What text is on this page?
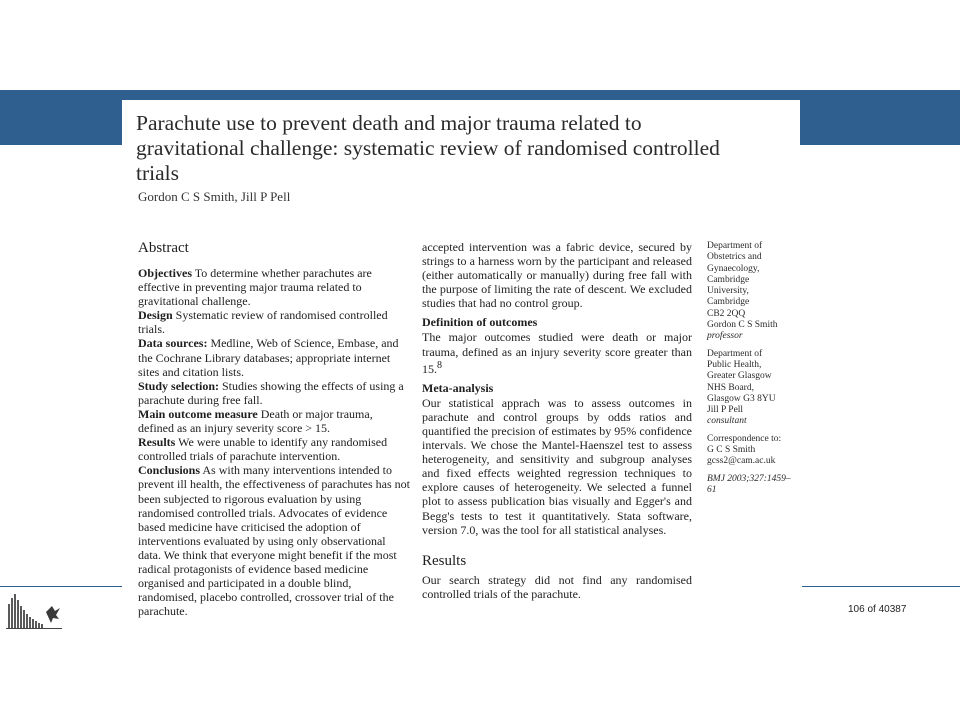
Parachute use to prevent death and major trauma related to gravitational challenge: systematic review of randomised controlled trials

Gordon C S Smith, Jill P Pell

Abstract

Objectives To determine whether parachutes are effective in preventing major trauma related to gravitational challenge.

Design Systematic review of randomised controlled trials.

Data sources: Medline, Web of Science, Embase, and the Cochrane Library databases; appropriate internet sites and citation lists.

Study selection: Studies showing the effects of using a parachute during free fall.

Main outcome measure Death or major trauma, defined as an injury severity score > 15.

Results We were unable to identify any randomised controlled trials of parachute intervention.

Conclusions As with many interventions intended to prevent ill health, the effectiveness of parachutes has not been subjected to rigorous evaluation by using randomised controlled trials. Advocates of evidence based medicine have criticised the adoption of interventions evaluated by using only observational data. We think that everyone might benefit if the most radical protagonists of evidence based medicine organised and participated in a double blind, randomised, placebo controlled, crossover trial of the parachute.

accepted intervention was a fabric device, secured by strings to a harness worn by the participant and released (either automatically or manually) during free fall with the purpose of limiting the rate of descent. We excluded studies that had no control group.

Definition of outcomes

The major outcomes studied were death or major trauma, defined as an injury severity score greater than 15.$^8$

Meta-analysis

Our statistical apprach was to assess outcomes in parachute and control groups by odds ratios and quantified the precision of estimates by 95% confidence intervals. We chose the Mantel-Haenszel test to assess heterogeneity, and sensitivity and subgroup analyses and fixed effects weighted regression techniques to explore causes of heterogeneity. We selected a funnel plot to assess publication bias visually and Egger's and Begg's tests to test it quantitatively. Stata software, version 7.0, was the tool for all statistical analyses.

Results

Our search strategy did not find any randomised controlled trials of the parachute.

Department of
Obstetrics and
Gynaecology,
Cambridge
University,
Cambridge
CB2 2QQ
Gordon C S Smith
professor
Department of
Public Health,
Greater Glasgow
NHS Board,
Glasgow G3 8YU
Jill P Pell
consultant
Correspondence to:
G C S Smith
gcss2@cam.ac.uk
BMJ 2003;327:1459–61
106 of 40387
